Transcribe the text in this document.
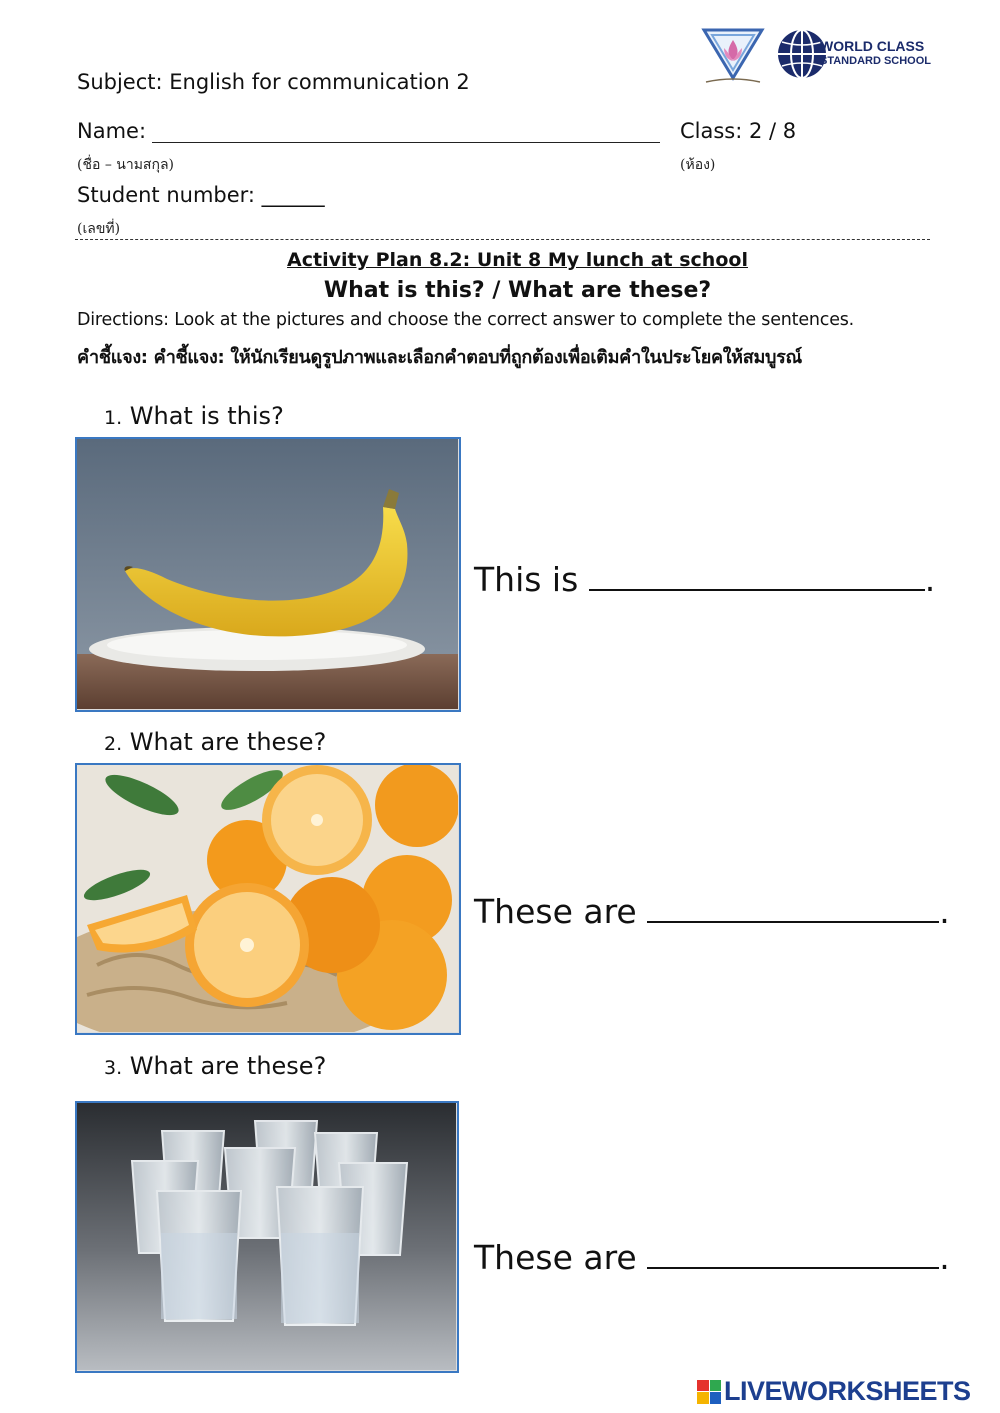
WORLD CLASS
STANDARD SCHOOL
Subject: English for communication 2
Name:
(ชื่อ – นามสกุล)
Class: 2 / 8
(ห้อง)
Student number: ______
(เลขที่)
Activity Plan 8.2: Unit 8 My lunch at school
What is this? / What are these?
Directions: Look at the pictures and choose the correct answer to complete the sentences.
คำชี้แจง: คำชี้แจง: ให้นักเรียนดูรูปภาพและเลือกคำตอบที่ถูกต้องเพื่อเติมคำในประโยคให้สมบูรณ์
1. What is this?
This is	.
2. What are these?
These are	.
3. What are these?
These are	.
LIVEWORKSHEETS
